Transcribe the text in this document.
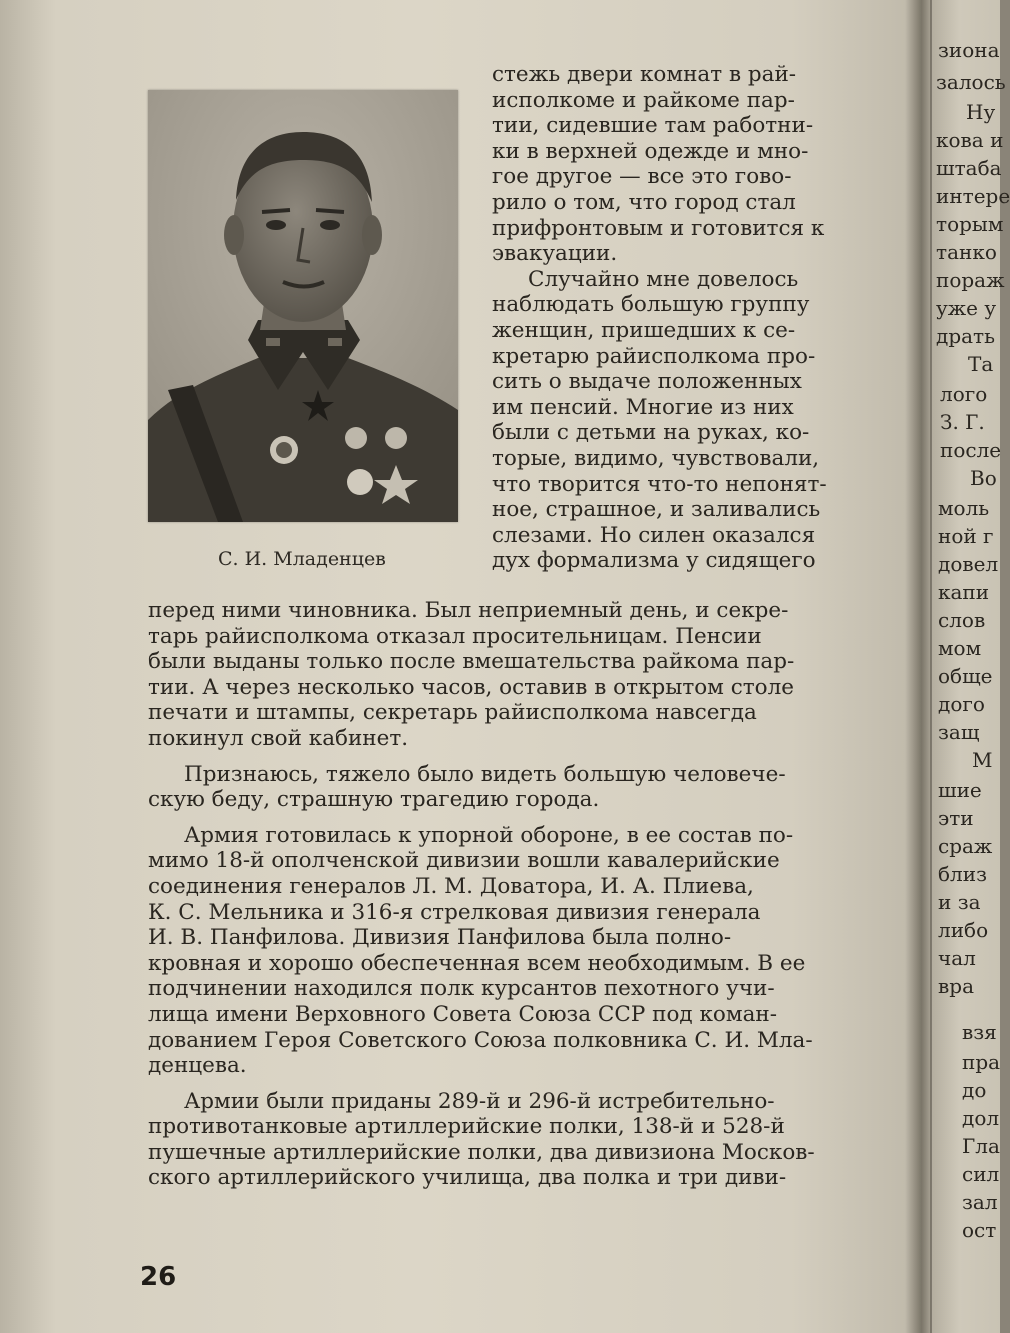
С. И. Младенцев
стежь двери комнат в рай-
исполкоме и райкоме пар-
тии, сидевшие там работни-
ки в верхней одежде и мно-
гое другое — все это гово-
рило о том, что город стал
прифронтовым и готовится к
эвакуации.
Случайно мне довелось
наблюдать большую группу
женщин, пришедших к се-
кретарю райисполкома про-
сить о выдаче положенных
им пенсий. Многие из них
были с детьми на руках, ко-
торые, видимо, чувствовали,
что творится что-то непонят-
ное, страшное, и заливались
слезами. Но силен оказался
дух формализма у сидящего
перед ними чиновника. Был неприемный день, и секре-
тарь райисполкома отказал просительницам. Пенсии
были выданы только после вмешательства райкома пар-
тии. А через несколько часов, оставив в открытом столе
печати и штампы, секретарь райисполкома навсегда
покинул свой кабинет.
Признаюсь, тяжело было видеть большую человече-
скую беду, страшную трагедию города.
Армия готовилась к упорной обороне, в ее состав по-
мимо 18-й ополченской дивизии вошли кавалерийские
соединения генералов Л. М. Доватора, И. А. Плиева,
К. С. Мельника и 316-я стрелковая дивизия генерала
И. В. Панфилова. Дивизия Панфилова была полно-
кровная и хорошо обеспеченная всем необходимым. В ее
подчинении находился полк курсантов пехотного учи-
лища имени Верховного Совета Союза ССР под коман-
дованием Героя Советского Союза полковника С. И. Мла-
денцева.
Армии были приданы 289-й и 296-й истребительно-
противотанковые артиллерийские полки, 138-й и 528-й
пушечные артиллерийские полки, два дивизиона Москов-
ского артиллерийского училища, два полка и три диви-
26
зиона
залось
Ну
кова и
штаба
интере
торым
танко
пораж
уже у
драть
Та
лого
З. Г.
после
Во
моль
ной г
довел
капи
слов
мом
обще
дого
защ
М
шие
эти
сраж
близ
и за
либо
чал
вра
взя
пра
до
дол
Гла
сил
зал
ост
